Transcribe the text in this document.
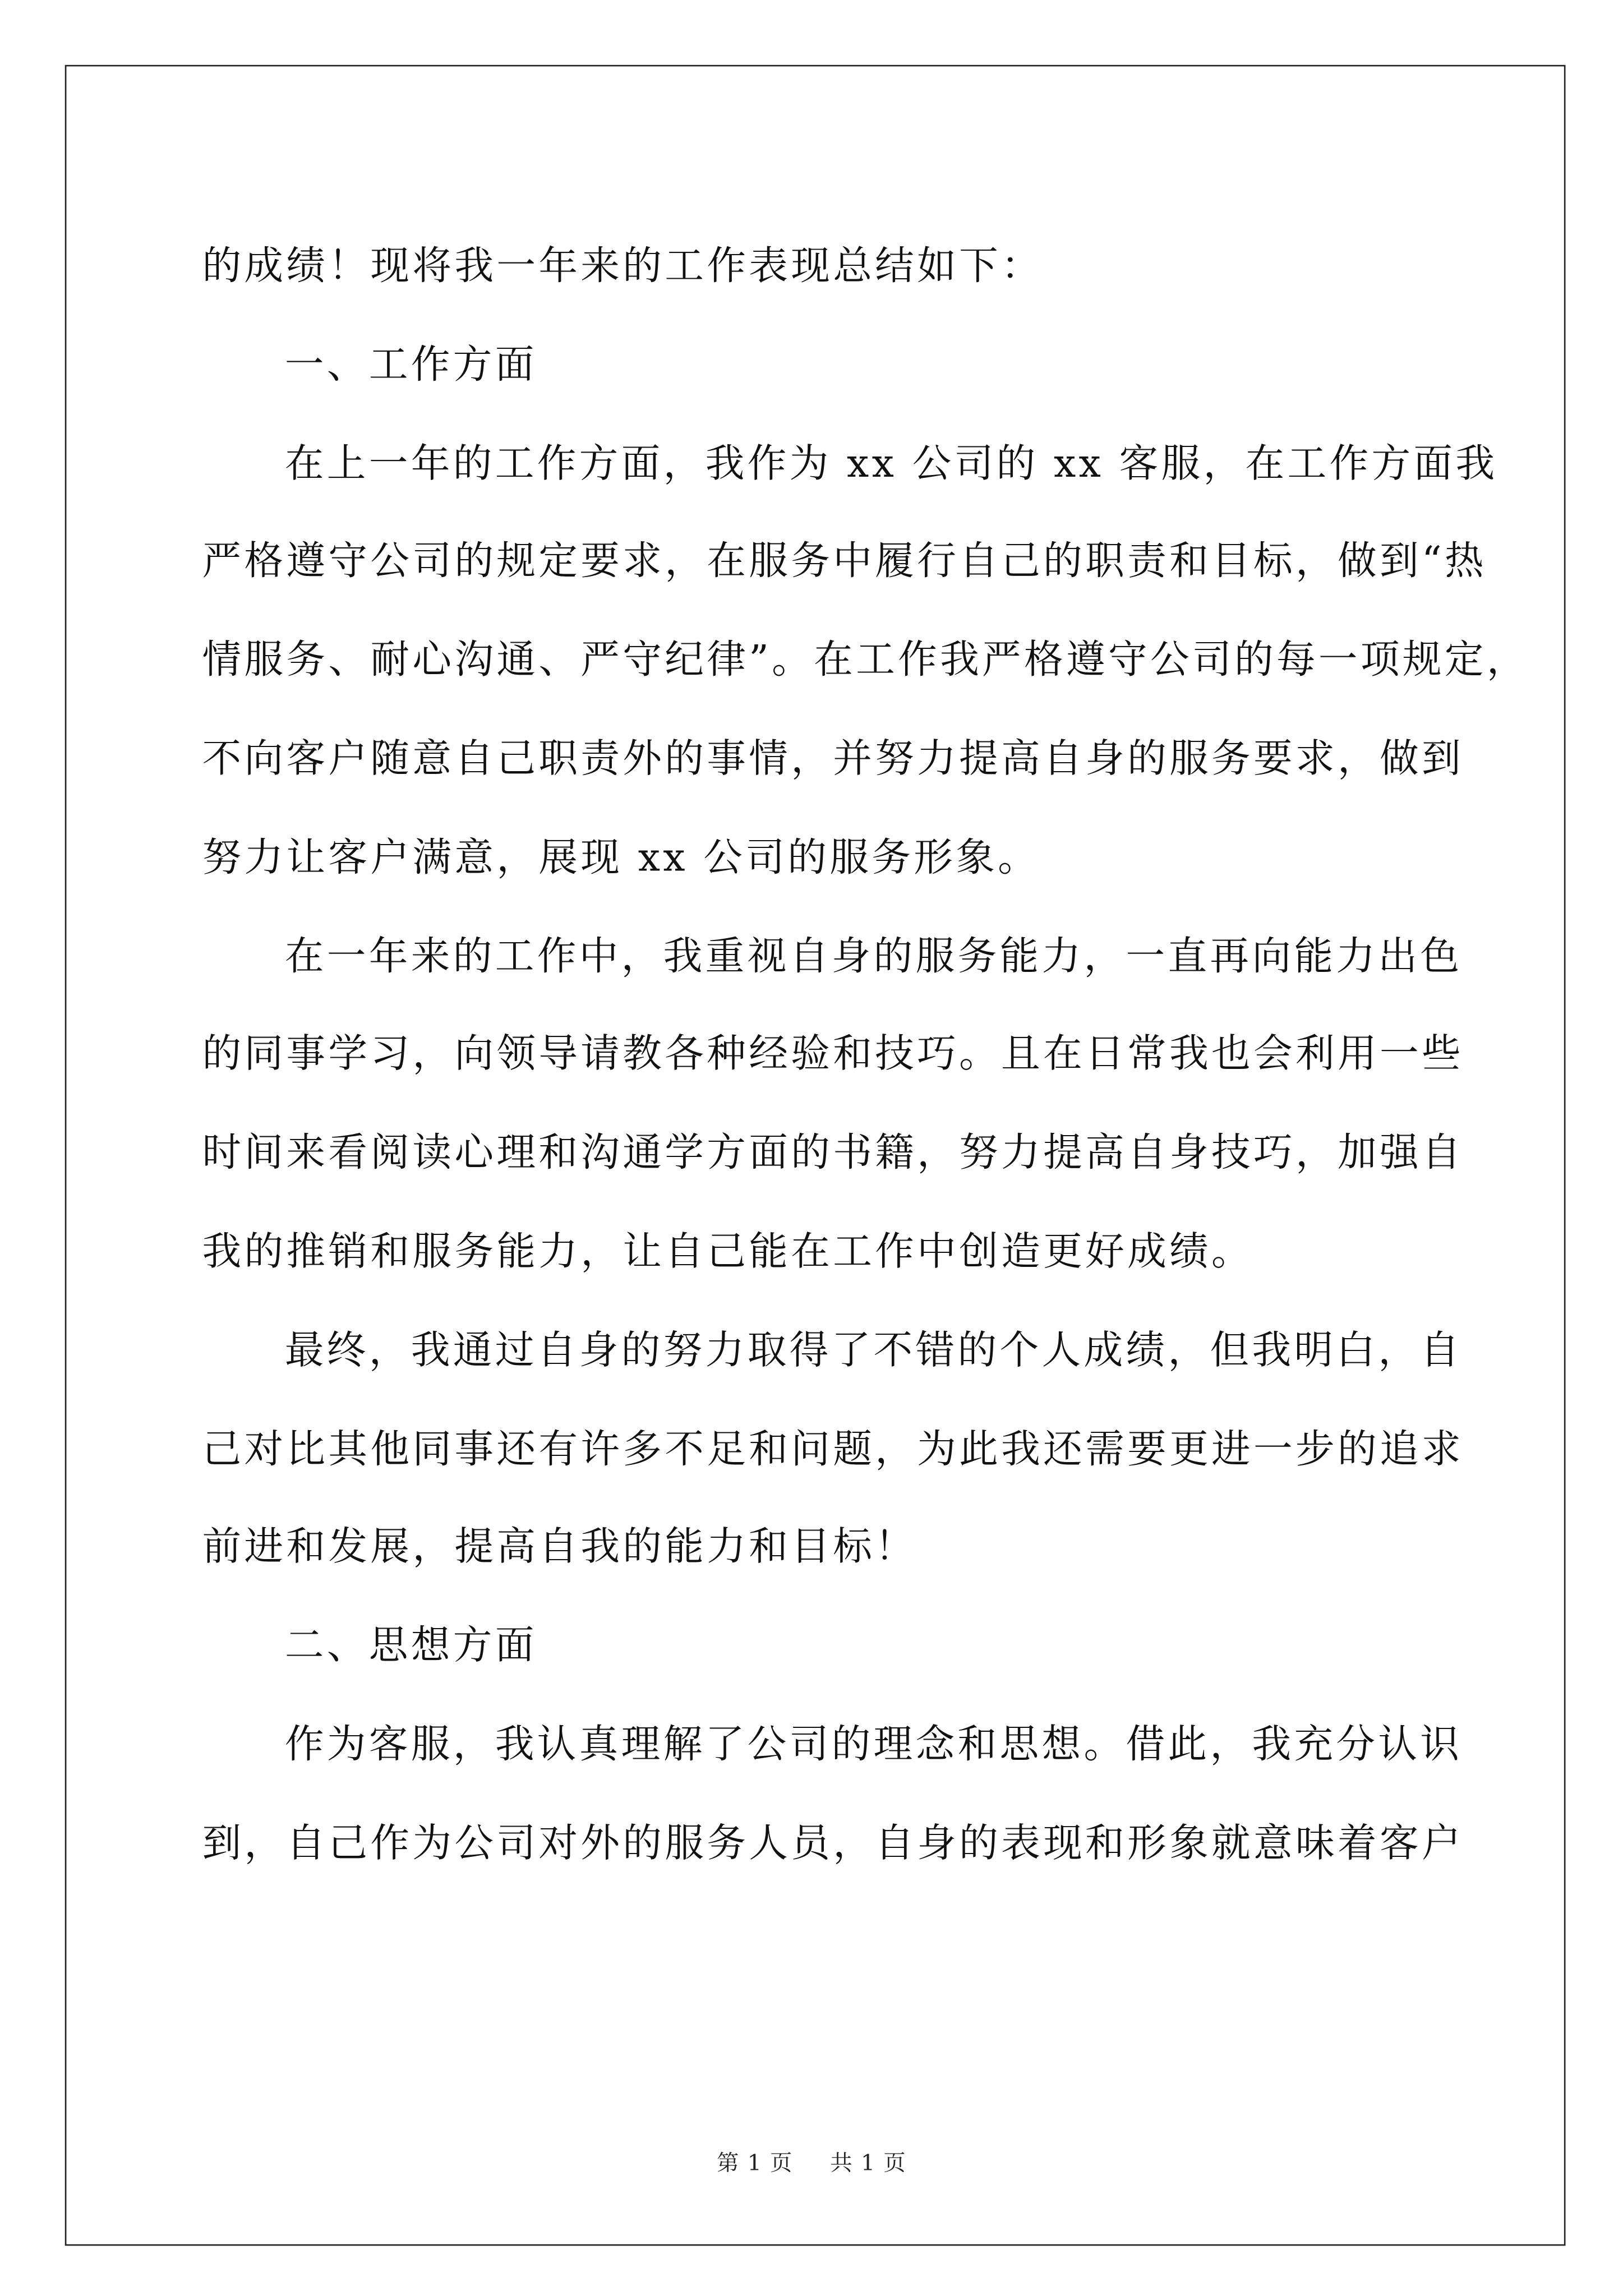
的成绩！现将我一年来的工作表现总结如下：
一、工作方面
在上一年的工作方面，我作为 xx 公司的 xx 客服，在工作方面我
严格遵守公司的规定要求，在服务中履行自己的职责和目标，做到“热
情服务、耐心沟通、严守纪律”。在工作我严格遵守公司的每一项规定，
不向客户随意自己职责外的事情，并努力提高自身的服务要求，做到
努力让客户满意，展现 xx 公司的服务形象。
在一年来的工作中，我重视自身的服务能力，一直再向能力出色
的同事学习，向领导请教各种经验和技巧。且在日常我也会利用一些
时间来看阅读心理和沟通学方面的书籍，努力提高自身技巧，加强自
我的推销和服务能力，让自己能在工作中创造更好成绩。
最终，我通过自身的努力取得了不错的个人成绩，但我明白，自
己对比其他同事还有许多不足和问题，为此我还需要更进一步的追求
前进和发展，提高自我的能力和目标！
二、思想方面
作为客服，我认真理解了公司的理念和思想。借此，我充分认识
到，自己作为公司对外的服务人员，自身的表现和形象就意味着客户
第 1 页	共 1 页
